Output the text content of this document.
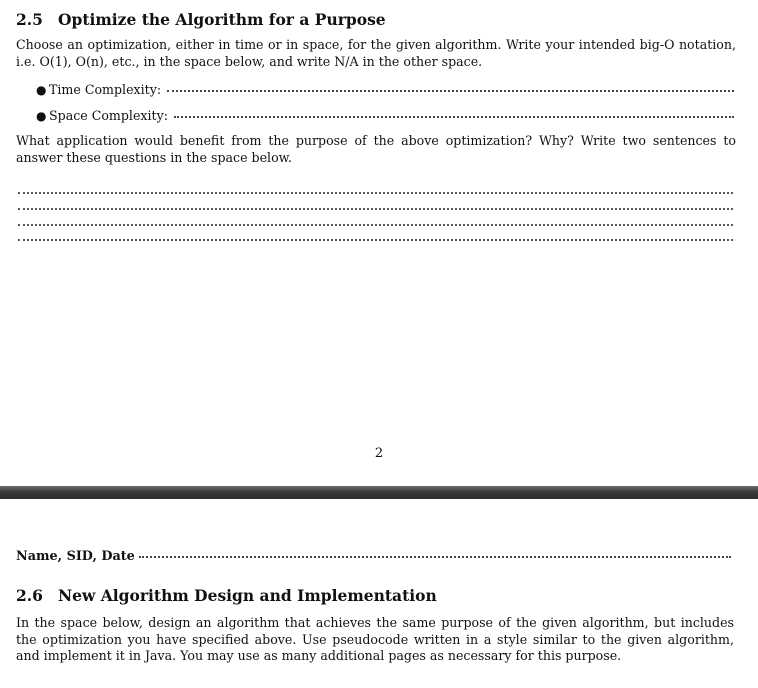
2.5 Optimize the Algorithm for a Purpose
Choose an optimization, either in time or in space, for the given algorithm. Write your intended big-O notation, i.e. O(1), O(n), etc., in the space below, and write N/A in the other space.
● Time Complexity:
● Space Complexity:
What application would benefit from the purpose of the above optimization? Why? Write two sentences to answer these questions in the space below.
2
Name, SID, Date
2.6 New Algorithm Design and Implementation
In the space below, design an algorithm that achieves the same purpose of the given algorithm, but includes the optimization you have specified above. Use pseudocode written in a style similar to the given algorithm, and implement it in Java. You may use as many additional pages as necessary for this purpose.
